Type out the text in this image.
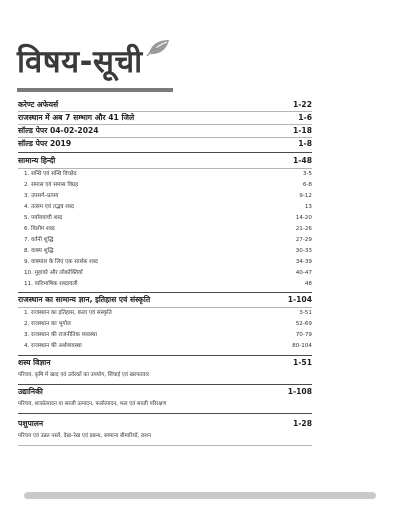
विषय-सूची
करेण्ट अफेयर्स	1-22
राजस्थान में अब 7 सम्भाग और 41 जिले	1-6
सॉल्ड पेपर 04-02-2024	1-18
सॉल्ड पेपर 2019	1-8
सामान्य हिन्दी	1-48
1. सन्धि एवं सन्धि विच्छेद	3-5
2. समास एवं समास विग्रह	6-8
3. उपसर्ग–प्रत्यय	9-12
4. तत्सम एवं तद्भव शब्द	13
5. पर्यायवाची शब्द	14-20
6. विलोम शब्द	21-26
7. वर्तनी शुद्धि	27-29
8. वाक्य शुद्धि	30-33
9. वाक्यांश के लिए एक सार्थक शब्द	34-39
10. मुहावरे और लोकोक्तियाँ	40-47
11. पारिभाषिक शब्दावली	48
राजस्थान का सामान्य ज्ञान, इतिहास एवं संस्कृति	1-104
1. राजस्थान का इतिहास, कला एवं संस्कृति	3-51
2. राजस्थान का भूगोल	52-69
3. राजस्थान की राजनीतिक व्यवस्था	70-79
4. राजस्थान की अर्थव्यवस्था	80-104
शस्य विज्ञान	1-51
परिचय, कृषि में खाद एवं उर्वरकों का उपयोग, सिंचाई एवं खरपतवार
उद्यानिकी	1-108
परिचय, शाकोत्पादन या सब्जी उत्पादन, फलोत्पादन, फल एवं सब्जी परिरक्षण
पशुपालन	1-28
परिचय एवं उन्नत नस्लें, देख–रेख एवं प्रबन्ध, सामान्य बीमारियाँ, राशन
